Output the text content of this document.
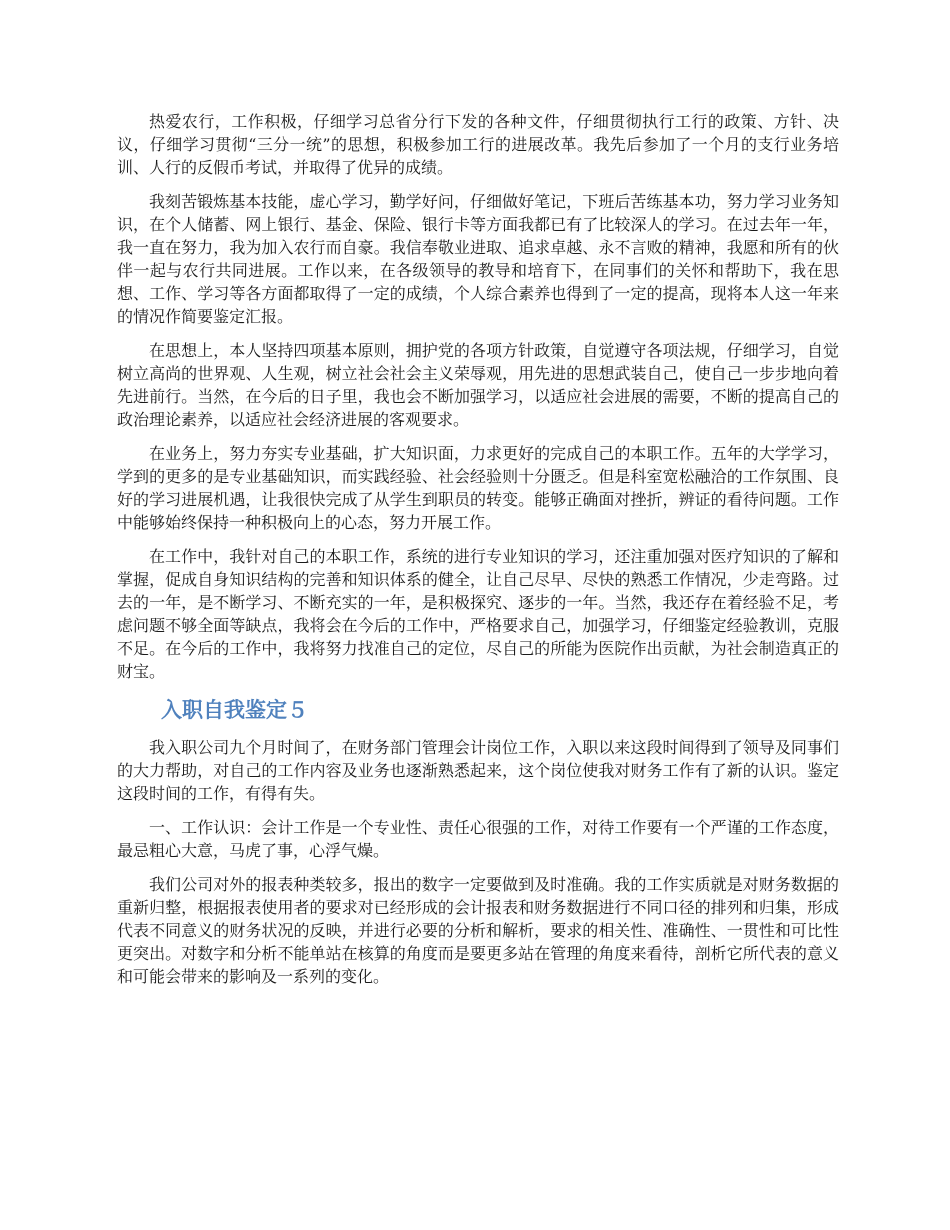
热爱农行，工作积极，仔细学习总省分行下发的各种文件，仔细贯彻执行工行的政策、方针、决议，仔细学习贯彻“三分一统”的思想，积极参加工行的进展改革。我先后参加了一个月的支行业务培训、人行的反假币考试，并取得了优异的成绩。

我刻苦锻炼基本技能，虚心学习，勤学好问，仔细做好笔记，下班后苦练基本功，努力学习业务知识，在个人储蓄、网上银行、基金、保险、银行卡等方面我都已有了比较深人的学习。在过去年一年，我一直在努力，我为加入农行而自豪。我信奉敬业进取、追求卓越、永不言败的精神，我愿和所有的伙伴一起与农行共同进展。工作以来，在各级领导的教导和培育下，在同事们的关怀和帮助下，我在思想、工作、学习等各方面都取得了一定的成绩，个人综合素养也得到了一定的提高，现将本人这一年来的情况作简要鉴定汇报。

在思想上，本人坚持四项基本原则，拥护党的各项方针政策，自觉遵守各项法规，仔细学习，自觉树立高尚的世界观、人生观，树立社会社会主义荣辱观，用先进的思想武装自己，使自己一步步地向着先进前行。当然，在今后的日子里，我也会不断加强学习，以适应社会进展的需要，不断的提高自己的政治理论素养，以适应社会经济进展的客观要求。

在业务上，努力夯实专业基础，扩大知识面，力求更好的完成自己的本职工作。五年的大学学习，学到的更多的是专业基础知识，而实践经验、社会经验则十分匮乏。但是科室宽松融洽的工作氛围、良好的学习进展机遇，让我很快完成了从学生到职员的转变。能够正确面对挫折，辨证的看待问题。工作中能够始终保持一种积极向上的心态，努力开展工作。

在工作中，我针对自己的本职工作，系统的进行专业知识的学习，还注重加强对医疗知识的了解和掌握，促成自身知识结构的完善和知识体系的健全，让自己尽早、尽快的熟悉工作情况，少走弯路。过去的一年，是不断学习、不断充实的一年，是积极探究、逐步的一年。当然，我还存在着经验不足，考虑问题不够全面等缺点，我将会在今后的工作中，严格要求自己，加强学习，仔细鉴定经验教训，克服不足。在今后的工作中，我将努力找准自己的定位，尽自己的所能为医院作出贡献，为社会制造真正的财宝。

入职自我鉴定５

我入职公司九个月时间了，在财务部门管理会计岗位工作，入职以来这段时间得到了领导及同事们的大力帮助，对自己的工作内容及业务也逐渐熟悉起来，这个岗位使我对财务工作有了新的认识。鉴定这段时间的工作，有得有失。

一、工作认识：会计工作是一个专业性、责任心很强的工作，对待工作要有一个严谨的工作态度，最忌粗心大意，马虎了事，心浮气燥。

我们公司对外的报表种类较多，报出的数字一定要做到及时准确。我的工作实质就是对财务数据的重新归整，根据报表使用者的要求对已经形成的会计报表和财务数据进行不同口径的排列和归集，形成代表不同意义的财务状况的反映，并进行必要的分析和解析，要求的相关性、准确性、一贯性和可比性更突出。对数字和分析不能单站在核算的角度而是要更多站在管理的角度来看待，剖析它所代表的意义和可能会带来的影响及一系列的变化。
